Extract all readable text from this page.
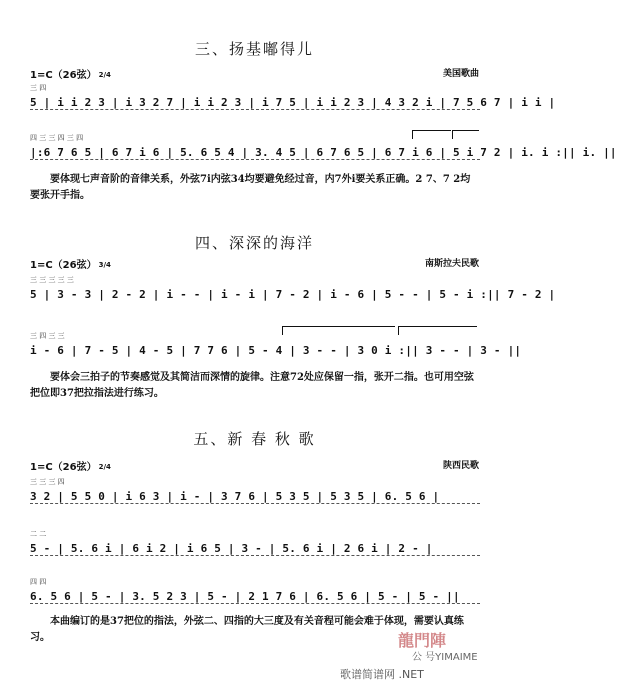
三、扬基嘟得儿
1=C（26弦） 2/4	美国歌曲
三 四
5 | i i 2 3 | i 3 2 7 | i i 2 3 | i 7 5 | i i 2 3 | 4 3 2 i | 7 5 6 7 | i i |
四 三 三 四 三 四
|:6 7 6 5 | 6 7 i 6 | 5. 6 5 4 | 3. 4 5 | 6 7 6 5 | 6 7 i 6 | 5 i 7 2 | i. i :|| i. ||
要体现七声音阶的音律关系，外弦7i内弦34均要避免经过音，内7外i要关系正确。2 7、7 2均要张开手指。
四、深深的海洋
1=C（26弦） 3/4	南斯拉夫民歌
三 三 三 三 三
5 | 3 - 3 | 2 - 2 | i - - | i - i | 7 - 2 | i - 6 | 5 - - | 5 - i :|| 7 - 2 |
三 四 三 三
i - 6 | 7 - 5 | 4 - 5 | 7 7 6 | 5 - 4 | 3 - - | 3 0 i :|| 3 - - | 3 - ||
要体会三拍子的节奏感觉及其简洁而深情的旋律。注意72处应保留一指，张开二指。也可用空弦把位即37把拉指法进行练习。
五、新 春 秋 歌
1=C（26弦） 2/4	陕西民歌
三 三 三 四
3 2 | 5 5 0 | i 6 3 | i - | 3 7 6 | 5 3 5 | 5 3 5 | 6. 5 6 |
二 二
5 - | 5. 6 i | 6 i 2 | i 6 5 | 3 - | 5. 6 i | 2 6 i | 2 - |
四 四
6. 5 6 | 5 - | 3. 5 2 3 | 5 - | 2 1 7 6 | 6. 5 6 | 5 - | 5 - ||
本曲编订的是37把位的指法，外弦二、四指的大三度及有关音程可能会难于体现，需要认真练习。	龍門陣
公 号YIMAIME
歌谱简谱网 .NET
